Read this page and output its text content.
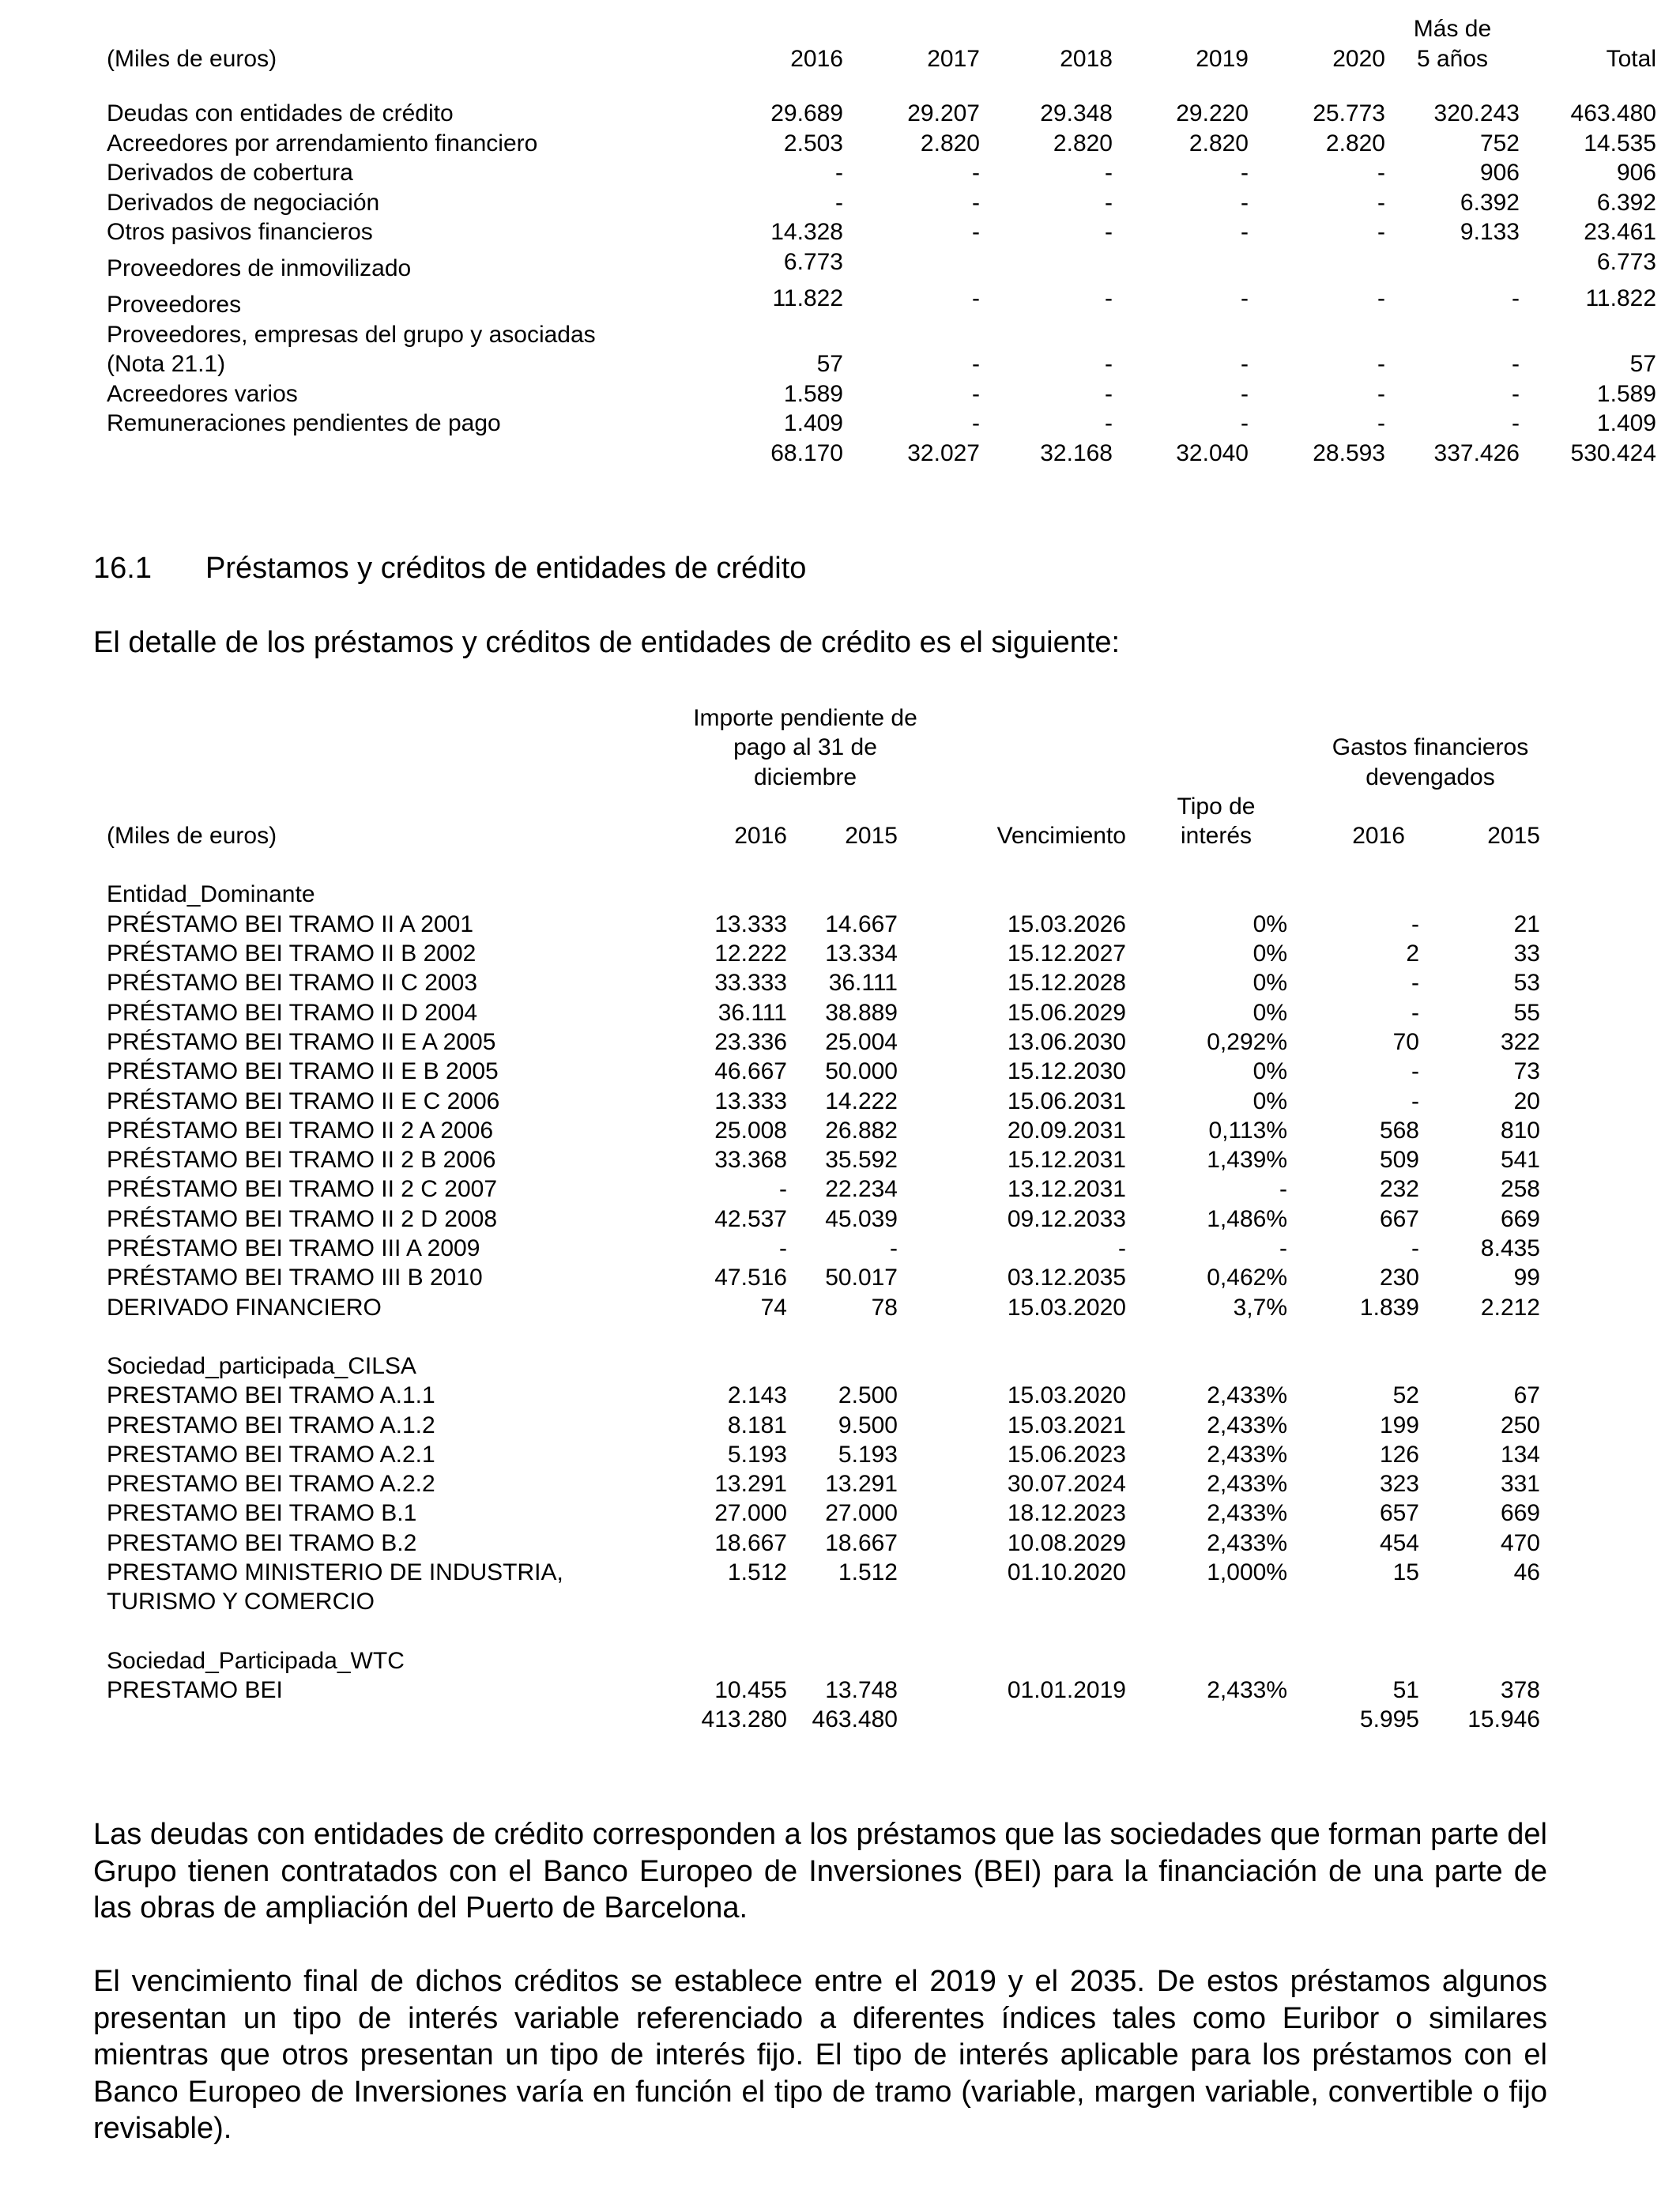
(Miles de euros)	2016	2017	2018	2019	2020	Más de
5 años	Total

Deudas con entidades de crédito	29.689	29.207	29.348	29.220	25.773	320.243	463.480
Acreedores por arrendamiento financiero	2.503	2.820	2.820	2.820	2.820	752	14.535
Derivados de cobertura	-	-	-	-	-	906	906
Derivados de negociación	-	-	-	-	-	6.392	6.392
Otros pasivos financieros	14.328	-	-	-	-	9.133	23.461
Proveedores de inmovilizado	6.773						6.773
Proveedores	11.822	-	-	-	-	-	11.822
Proveedores, empresas del grupo y asociadas							
(Nota 21.1)	57	-	-	-	-	-	57
Acreedores varios	1.589	-	-	-	-	-	1.589
Remuneraciones pendientes de pago	1.409	-	-	-	-	-	1.409
	68.170	32.027	32.168	32.040	28.593	337.426	530.424
16.1 Préstamos y créditos de entidades de crédito
El detalle de los préstamos y créditos de entidades de crédito es el siguiente:
	Importe pendiente de					
	pago al 31 de				Gastos financieros	
	diciembre				devengados	
				Tipo de		
(Miles de euros)	2016	2015	Vencimiento	interés	2016	2015

Entidad_Dominante						
PRÉSTAMO BEI TRAMO II A 2001	13.333	14.667	15.03.2026	0%	-	21
PRÉSTAMO BEI TRAMO II B 2002	12.222	13.334	15.12.2027	0%	2	33
PRÉSTAMO BEI TRAMO II C 2003	33.333	36.111	15.12.2028	0%	-	53
PRÉSTAMO BEI TRAMO II D 2004	36.111	38.889	15.06.2029	0%	-	55
PRÉSTAMO BEI TRAMO II E A 2005	23.336	25.004	13.06.2030	0,292%	70	322
PRÉSTAMO BEI TRAMO II E B 2005	46.667	50.000	15.12.2030	0%	-	73
PRÉSTAMO BEI TRAMO II E C 2006	13.333	14.222	15.06.2031	0%	-	20
PRÉSTAMO BEI TRAMO II 2 A 2006	25.008	26.882	20.09.2031	0,113%	568	810
PRÉSTAMO BEI TRAMO II 2 B 2006	33.368	35.592	15.12.2031	1,439%	509	541
PRÉSTAMO BEI TRAMO II 2 C 2007	-	22.234	13.12.2031	-	232	258
PRÉSTAMO BEI TRAMO II 2 D 2008	42.537	45.039	09.12.2033	1,486%	667	669
PRÉSTAMO BEI TRAMO III A 2009	-	-	-	-	-	8.435
PRÉSTAMO BEI TRAMO III B 2010	47.516	50.017	03.12.2035	0,462%	230	99
DERIVADO FINANCIERO	74	78	15.03.2020	3,7%	1.839	2.212

Sociedad_participada_CILSA						
PRESTAMO BEI TRAMO A.1.1	2.143	2.500	15.03.2020	2,433%	52	67
PRESTAMO BEI TRAMO A.1.2	8.181	9.500	15.03.2021	2,433%	199	250
PRESTAMO BEI TRAMO A.2.1	5.193	5.193	15.06.2023	2,433%	126	134
PRESTAMO BEI TRAMO A.2.2	13.291	13.291	30.07.2024	2,433%	323	331
PRESTAMO BEI TRAMO B.1	27.000	27.000	18.12.2023	2,433%	657	669
PRESTAMO BEI TRAMO B.2	18.667	18.667	10.08.2029	2,433%	454	470
PRESTAMO MINISTERIO DE INDUSTRIA,	1.512	1.512	01.10.2020	1,000%	15	46
TURISMO Y COMERCIO						

Sociedad_Participada_WTC						
PRESTAMO BEI	10.455	13.748	01.01.2019	2,433%	51	378
	413.280	463.480			5.995	15.946
Las deudas con entidades de crédito corresponden a los préstamos que las sociedades que forman parte del Grupo tienen contratados con el Banco Europeo de Inversiones (BEI) para la financiación de una parte de las obras de ampliación del Puerto de Barcelona.
El vencimiento final de dichos créditos se establece entre el 2019 y el 2035. De estos préstamos algunos presentan un tipo de interés variable referenciado a diferentes índices tales como Euribor o similares mientras que otros presentan un tipo de interés fijo. El tipo de interés aplicable para los préstamos con el Banco Europeo de Inversiones varía en función el tipo de tramo (variable, margen variable, convertible o fijo revisable).
